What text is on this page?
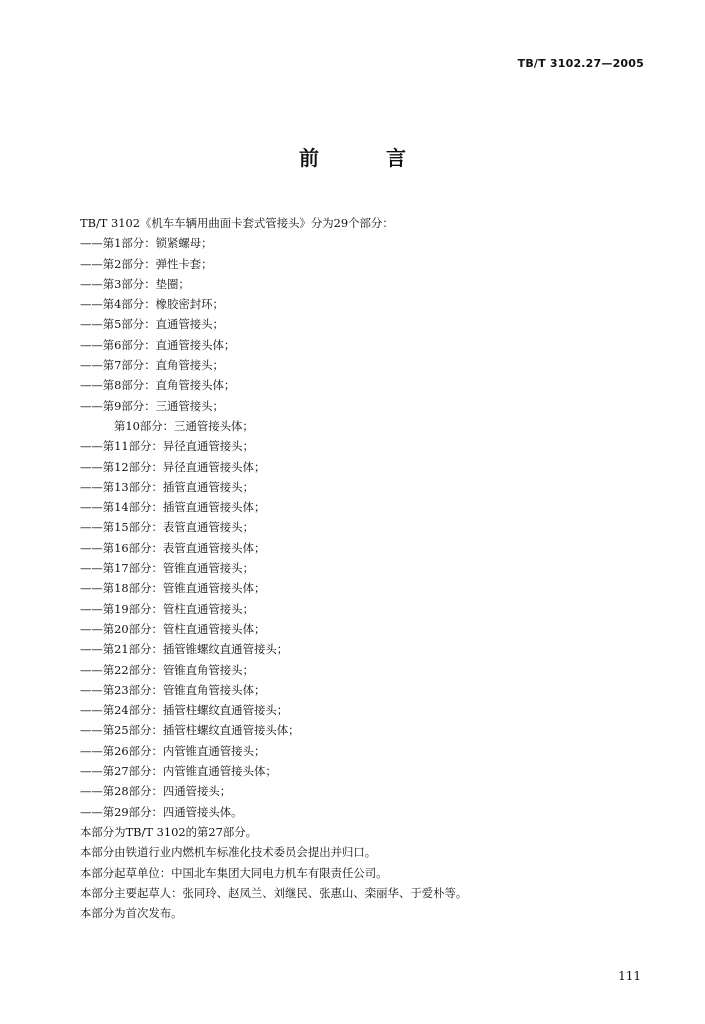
TB/T 3102.27—2005
前 言
TB/T 3102《机车车辆用曲面卡套式管接头》分为29个部分：
——第1部分：锁紧螺母；
——第2部分：弹性卡套；
——第3部分：垫圈；
——第4部分：橡胶密封环；
——第5部分：直通管接头；
——第6部分：直通管接头体；
——第7部分：直角管接头；
——第8部分：直角管接头体；
——第9部分：三通管接头；
第10部分：三通管接头体；
——第11部分：异径直通管接头；
——第12部分：异径直通管接头体；
——第13部分：插管直通管接头；
——第14部分：插管直通管接头体；
——第15部分：表管直通管接头；
——第16部分：表管直通管接头体；
——第17部分：管锥直通管接头；
——第18部分：管锥直通管接头体；
——第19部分：管柱直通管接头；
——第20部分：管柱直通管接头体；
——第21部分：插管锥螺纹直通管接头；
——第22部分：管锥直角管接头；
——第23部分：管锥直角管接头体；
——第24部分：插管柱螺纹直通管接头；
——第25部分：插管柱螺纹直通管接头体；
——第26部分：内管锥直通管接头；
——第27部分：内管锥直通管接头体；
——第28部分：四通管接头；
——第29部分：四通管接头体。
本部分为TB/T 3102的第27部分。
本部分由铁道行业内燃机车标准化技术委员会提出并归口。
本部分起草单位：中国北车集团大同电力机车有限责任公司。
本部分主要起草人：张同玲、赵凤兰、刘继民、张惠山、栾丽华、于爱朴等。
本部分为首次发布。
111
